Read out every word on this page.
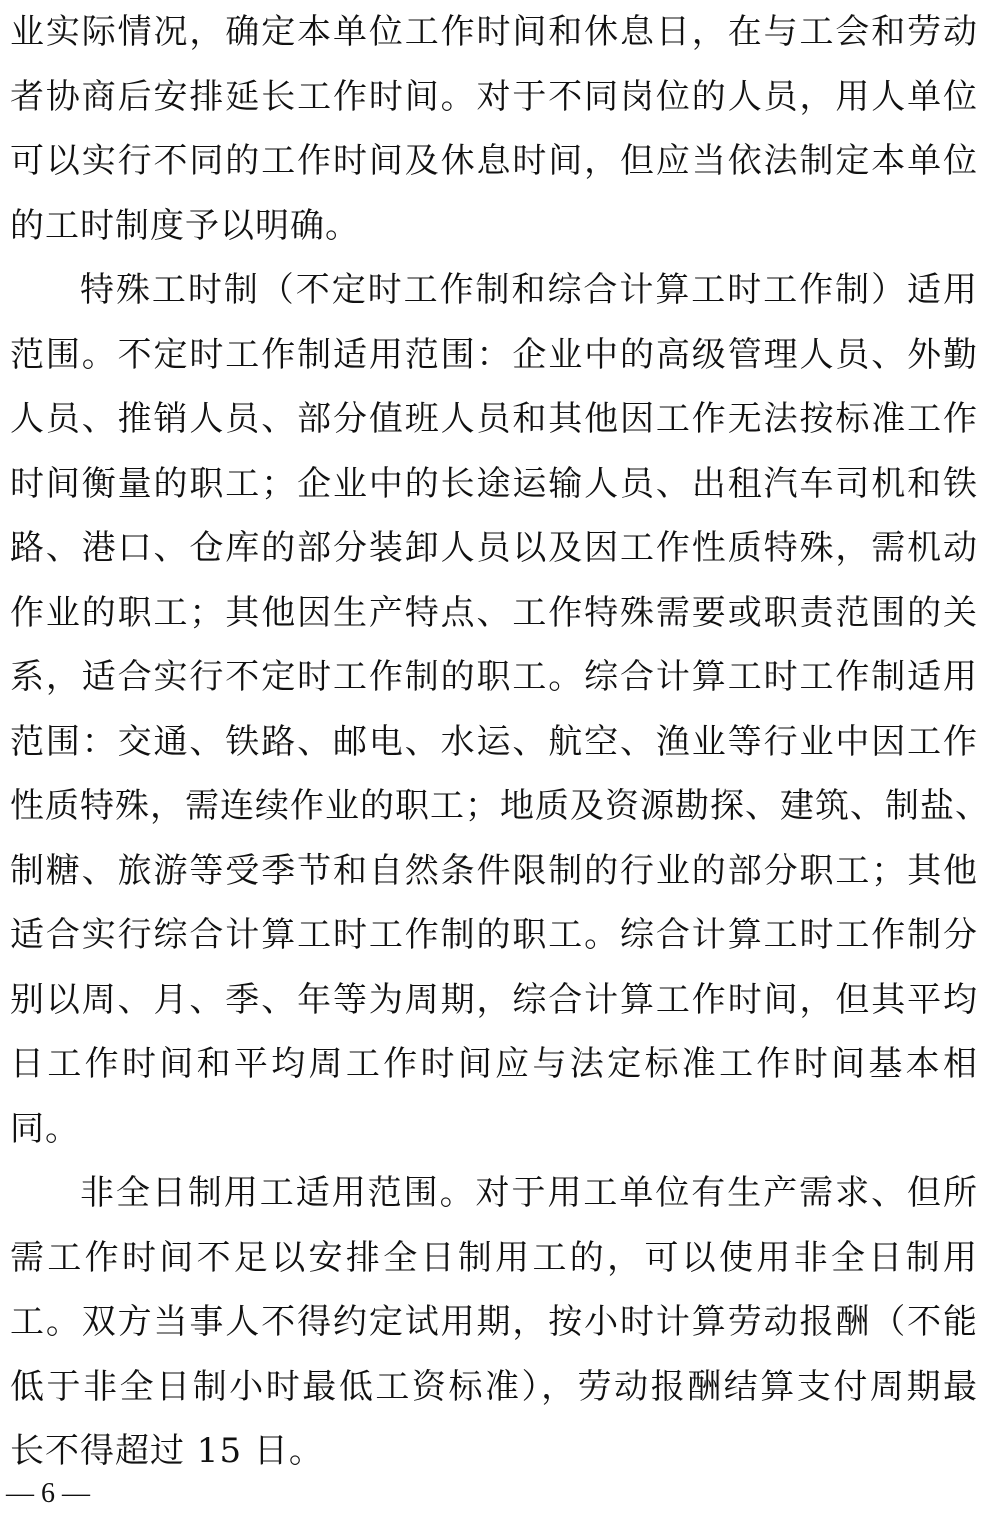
业实际情况，确定本单位工作时间和休息日，在与工会和劳动
者协商后安排延长工作时间。对于不同岗位的人员，用人单位
可以实行不同的工作时间及休息时间，但应当依法制定本单位
的工时制度予以明确。
特殊工时制（不定时工作制和综合计算工时工作制）适用
范围。不定时工作制适用范围：企业中的高级管理人员、外勤
人员、推销人员、部分值班人员和其他因工作无法按标准工作
时间衡量的职工；企业中的长途运输人员、出租汽车司机和铁
路、港口、仓库的部分装卸人员以及因工作性质特殊，需机动
作业的职工；其他因生产特点、工作特殊需要或职责范围的关
系，适合实行不定时工作制的职工。综合计算工时工作制适用
范围：交通、铁路、邮电、水运、航空、渔业等行业中因工作
性质特殊，需连续作业的职工；地质及资源勘探、建筑、制盐、
制糖、旅游等受季节和自然条件限制的行业的部分职工；其他
适合实行综合计算工时工作制的职工。综合计算工时工作制分
别以周、月、季、年等为周期，综合计算工作时间，但其平均
日工作时间和平均周工作时间应与法定标准工作时间基本相
同。
非全日制用工适用范围。对于用工单位有生产需求、但所
需工作时间不足以安排全日制用工的，可以使用非全日制用
工。双方当事人不得约定试用期，按小时计算劳动报酬（不能
低于非全日制小时最低工资标准），劳动报酬结算支付周期最
长不得超过 15 日。
— 6 —
